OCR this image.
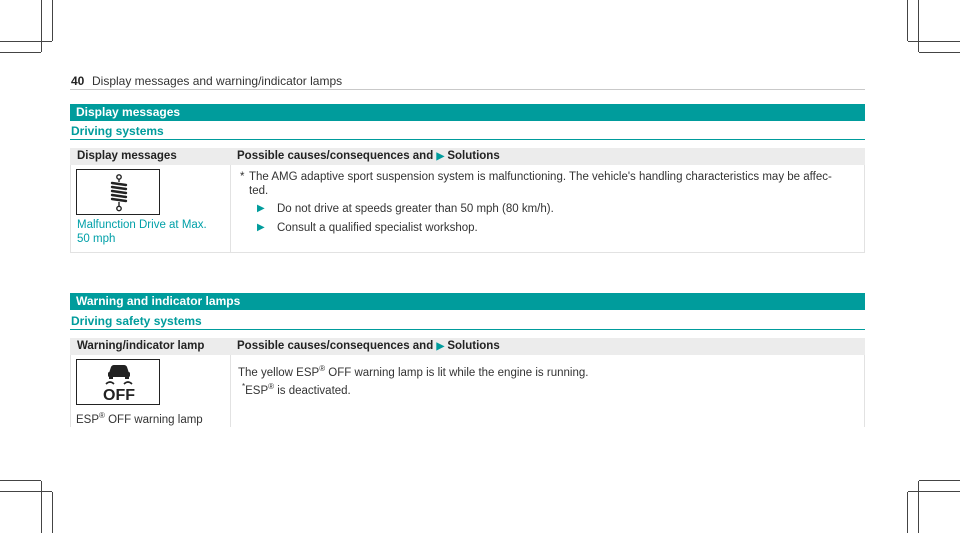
40 Display messages and warning/indicator lamps
Display messages
Driving systems
Display messages	Possible causes/consequences and ▶ Solutions
Malfunction Drive at Max.
50 mph
* The AMG adaptive sport suspension system is malfunctioning. The vehicle's handling characteristics may be affec-
ted.
▶ Do not drive at speeds greater than 50 mph (80 km/h).
▶ Consult a qualified specialist workshop.
Warning and indicator lamps
Driving safety systems
Warning/indicator lamp	Possible causes/consequences and ▶ Solutions
OFF
ESP® OFF warning lamp
The yellow ESP® OFF warning lamp is lit while the engine is running.
*ESP® is deactivated.
